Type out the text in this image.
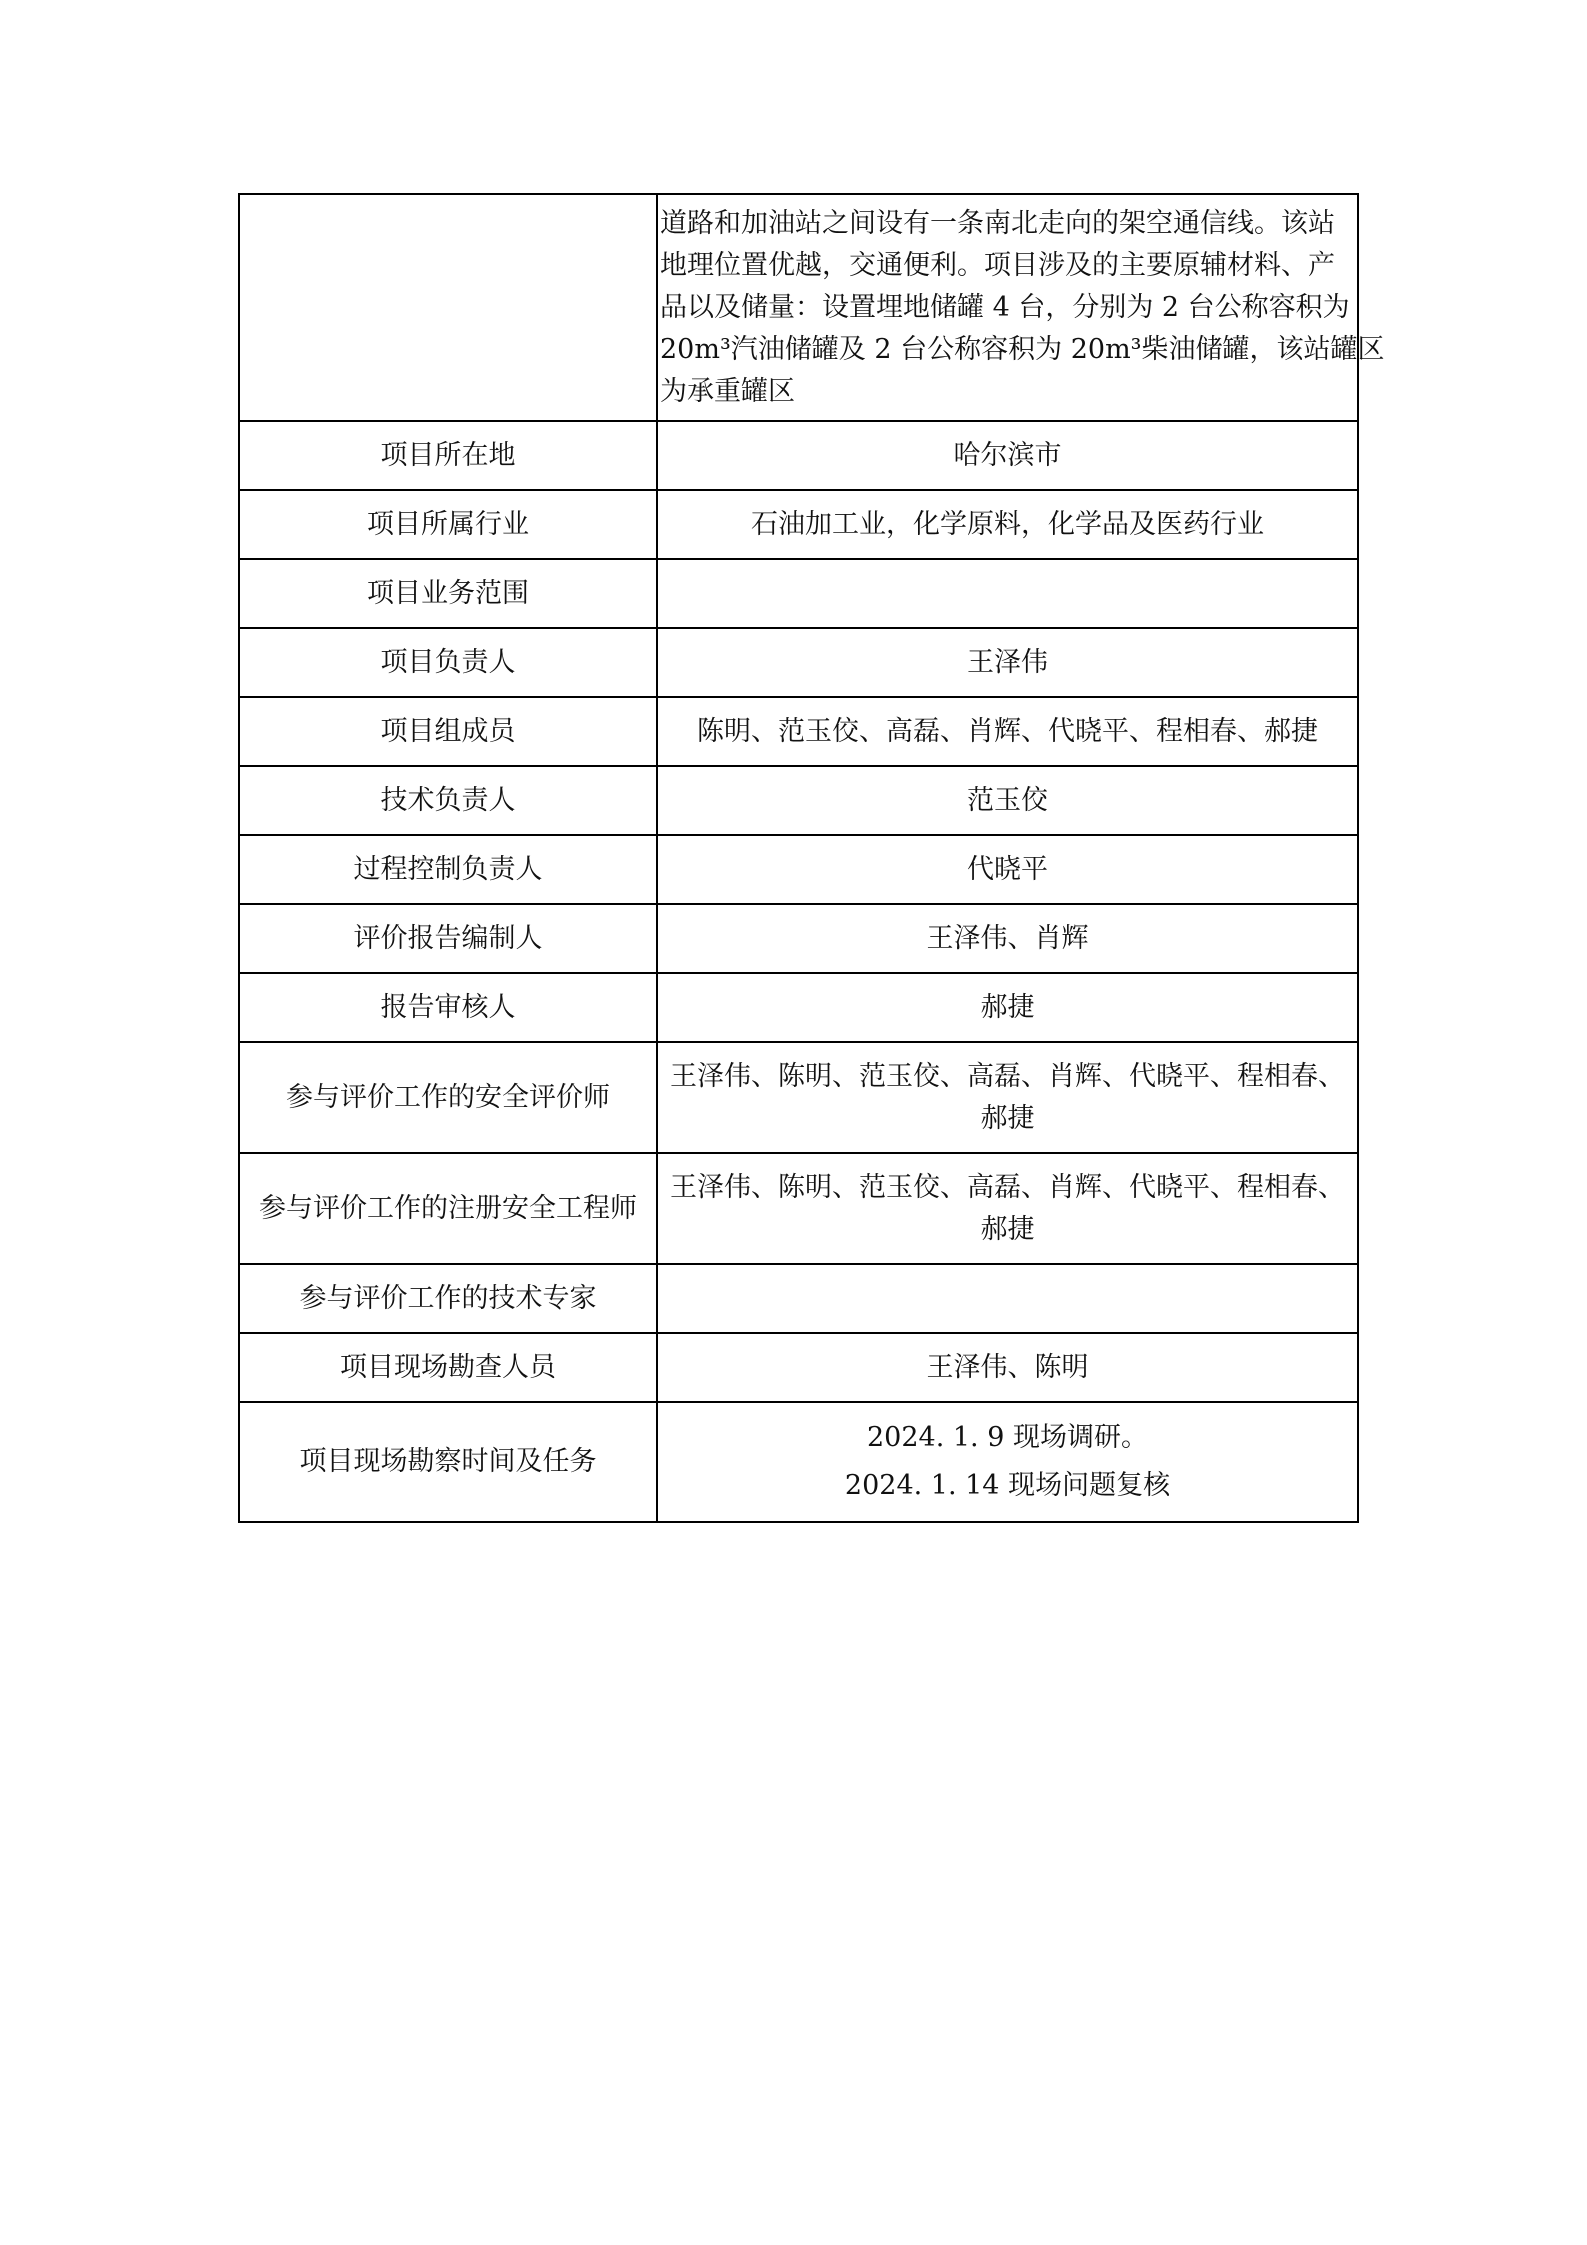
	道路和加油站之间设有一条南北走向的架空通信线。该站
地理位置优越，交通便利。项目涉及的主要原辅材料、产
品以及储量：设置埋地储罐 4 台，分别为 2 台公称容积为
20m³汽油储罐及 2 台公称容积为 20m³柴油储罐，该站罐区
为承重罐区

项目所在地	哈尔滨市
项目所属行业	石油加工业，化学原料，化学品及医药行业
项目业务范围	
项目负责人	王泽伟
项目组成员	陈明、范玉佼、高磊、肖辉、代晓平、程相春、郝捷
技术负责人	范玉佼
过程控制负责人	代晓平
评价报告编制人	王泽伟、肖辉
报告审核人	郝捷
参与评价工作的安全评价师	王泽伟、陈明、范玉佼、高磊、肖辉、代晓平、程相春、
郝捷

参与评价工作的注册安全工程师	王泽伟、陈明、范玉佼、高磊、肖辉、代晓平、程相春、
郝捷

参与评价工作的技术专家	
项目现场勘查人员	王泽伟、陈明
项目现场勘察时间及任务	2024. 1. 9 现场调研。
2024. 1. 14 现场问题复核
